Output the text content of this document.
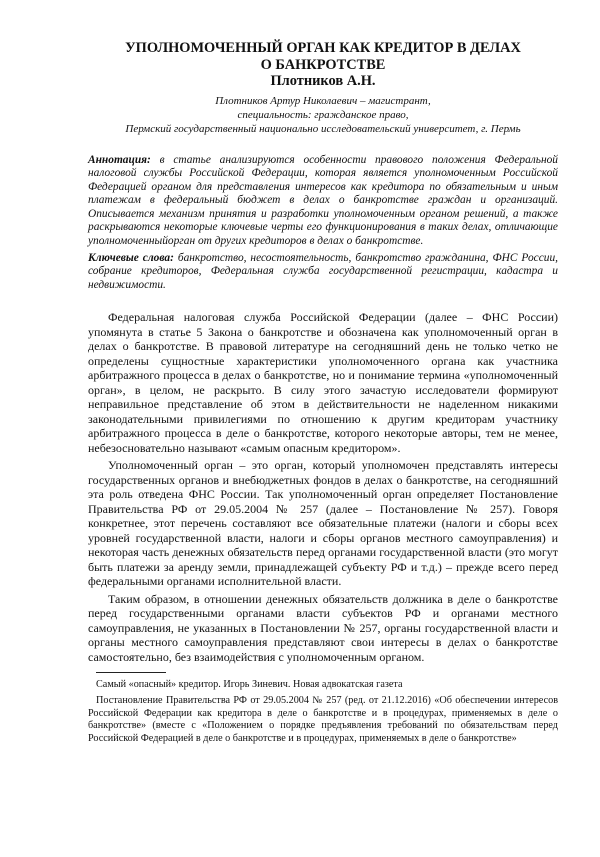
УПОЛНОМОЧЕННЫЙ ОРГАН КАК КРЕДИТОР В ДЕЛАХ
О БАНКРОТСТВЕ
Плотников А.Н.

Плотников Артур Николаевич – магистрант,

специальность: гражданское право,

Пермский государственный национально исследовательский университет, г. Пермь

Аннотация: в статье анализируются особенности правового положения Федеральной налоговой службы Российской Федерации, которая является уполномоченным Российской Федерацией органом для представления интересов как кредитора по обязательным и иным платежам в федеральный бюджет в делах о банкротстве граждан и организаций. Описывается механизм принятия и разработки уполномоченным органом решений, а также раскрываются некоторые ключевые черты его функционирования в таких делах, отличающие уполномоченныйорган от других кредиторов в делах о банкротстве.

Ключевые слова: банкротство, несостоятельность, банкротство гражданина, ФНС России, собрание кредиторов, Федеральная служба государственной регистрации, кадастра и недвижимости.

Федеральная налоговая служба Российской Федерации (далее – ФНС России) упомянута в статье 5 Закона о банкротстве и обозначена как уполномоченный орган в делах о банкротстве. В правовой литературе на сегодняшний день не только четко не определены сущностные характеристики уполномоченного органа как участника арбитражного процесса в делах о банкротстве, но и понимание термина «уполномоченный орган», в целом, не раскрыто. В силу этого зачастую исследователи формируют неправильное представление об этом в действительности не наделенном никакими законодательными привилегиями по отношению к другим кредиторам участнику арбитражного процесса в деле о банкротстве, которого некоторые авторы, тем не менее, небезосновательно называют «самым опасным кредитором».

Уполномоченный орган – это орган, который уполномочен представлять интересы государственных органов и внебюджетных фондов в делах о банкротстве, на сегодняшний эта роль отведена ФНС России. Так уполномоченный орган определяет Постановление Правительства РФ от 29.05.2004 № 257 (далее – Постановление № 257). Говоря конкретнее, этот перечень составляют все обязательные платежи (налоги и сборы всех уровней государственной власти, налоги и сборы органов местного самоуправления) и некоторая часть денежных обязательств перед органами государственной власти (это могут быть платежи за аренду земли, принадлежащей субъекту РФ и т.д.) – прежде всего перед федеральными органами исполнительной власти.

Таким образом, в отношении денежных обязательств должника в деле о банкротстве перед государственными органами власти субъектов РФ и органами местного самоуправления, не указанных в Постановлении № 257, органы государственной власти и органы местного самоуправления представляют свои интересы в делах о банкротстве самостоятельно, без взаимодействия с уполномоченным органом.

Самый «опасный» кредитор. Игорь Зиневич. Новая адвокатская газета

Постановление Правительства РФ от 29.05.2004 № 257 (ред. от 21.12.2016) «Об обеспечении интересов Российской Федерации как кредитора в деле о банкротстве и в процедурах, применяемых в деле о банкротстве» (вместе с «Положением о порядке предъявления требований по обязательствам перед Российской Федерацией в деле о банкротстве и в процедурах, применяемых в деле о банкротстве»
